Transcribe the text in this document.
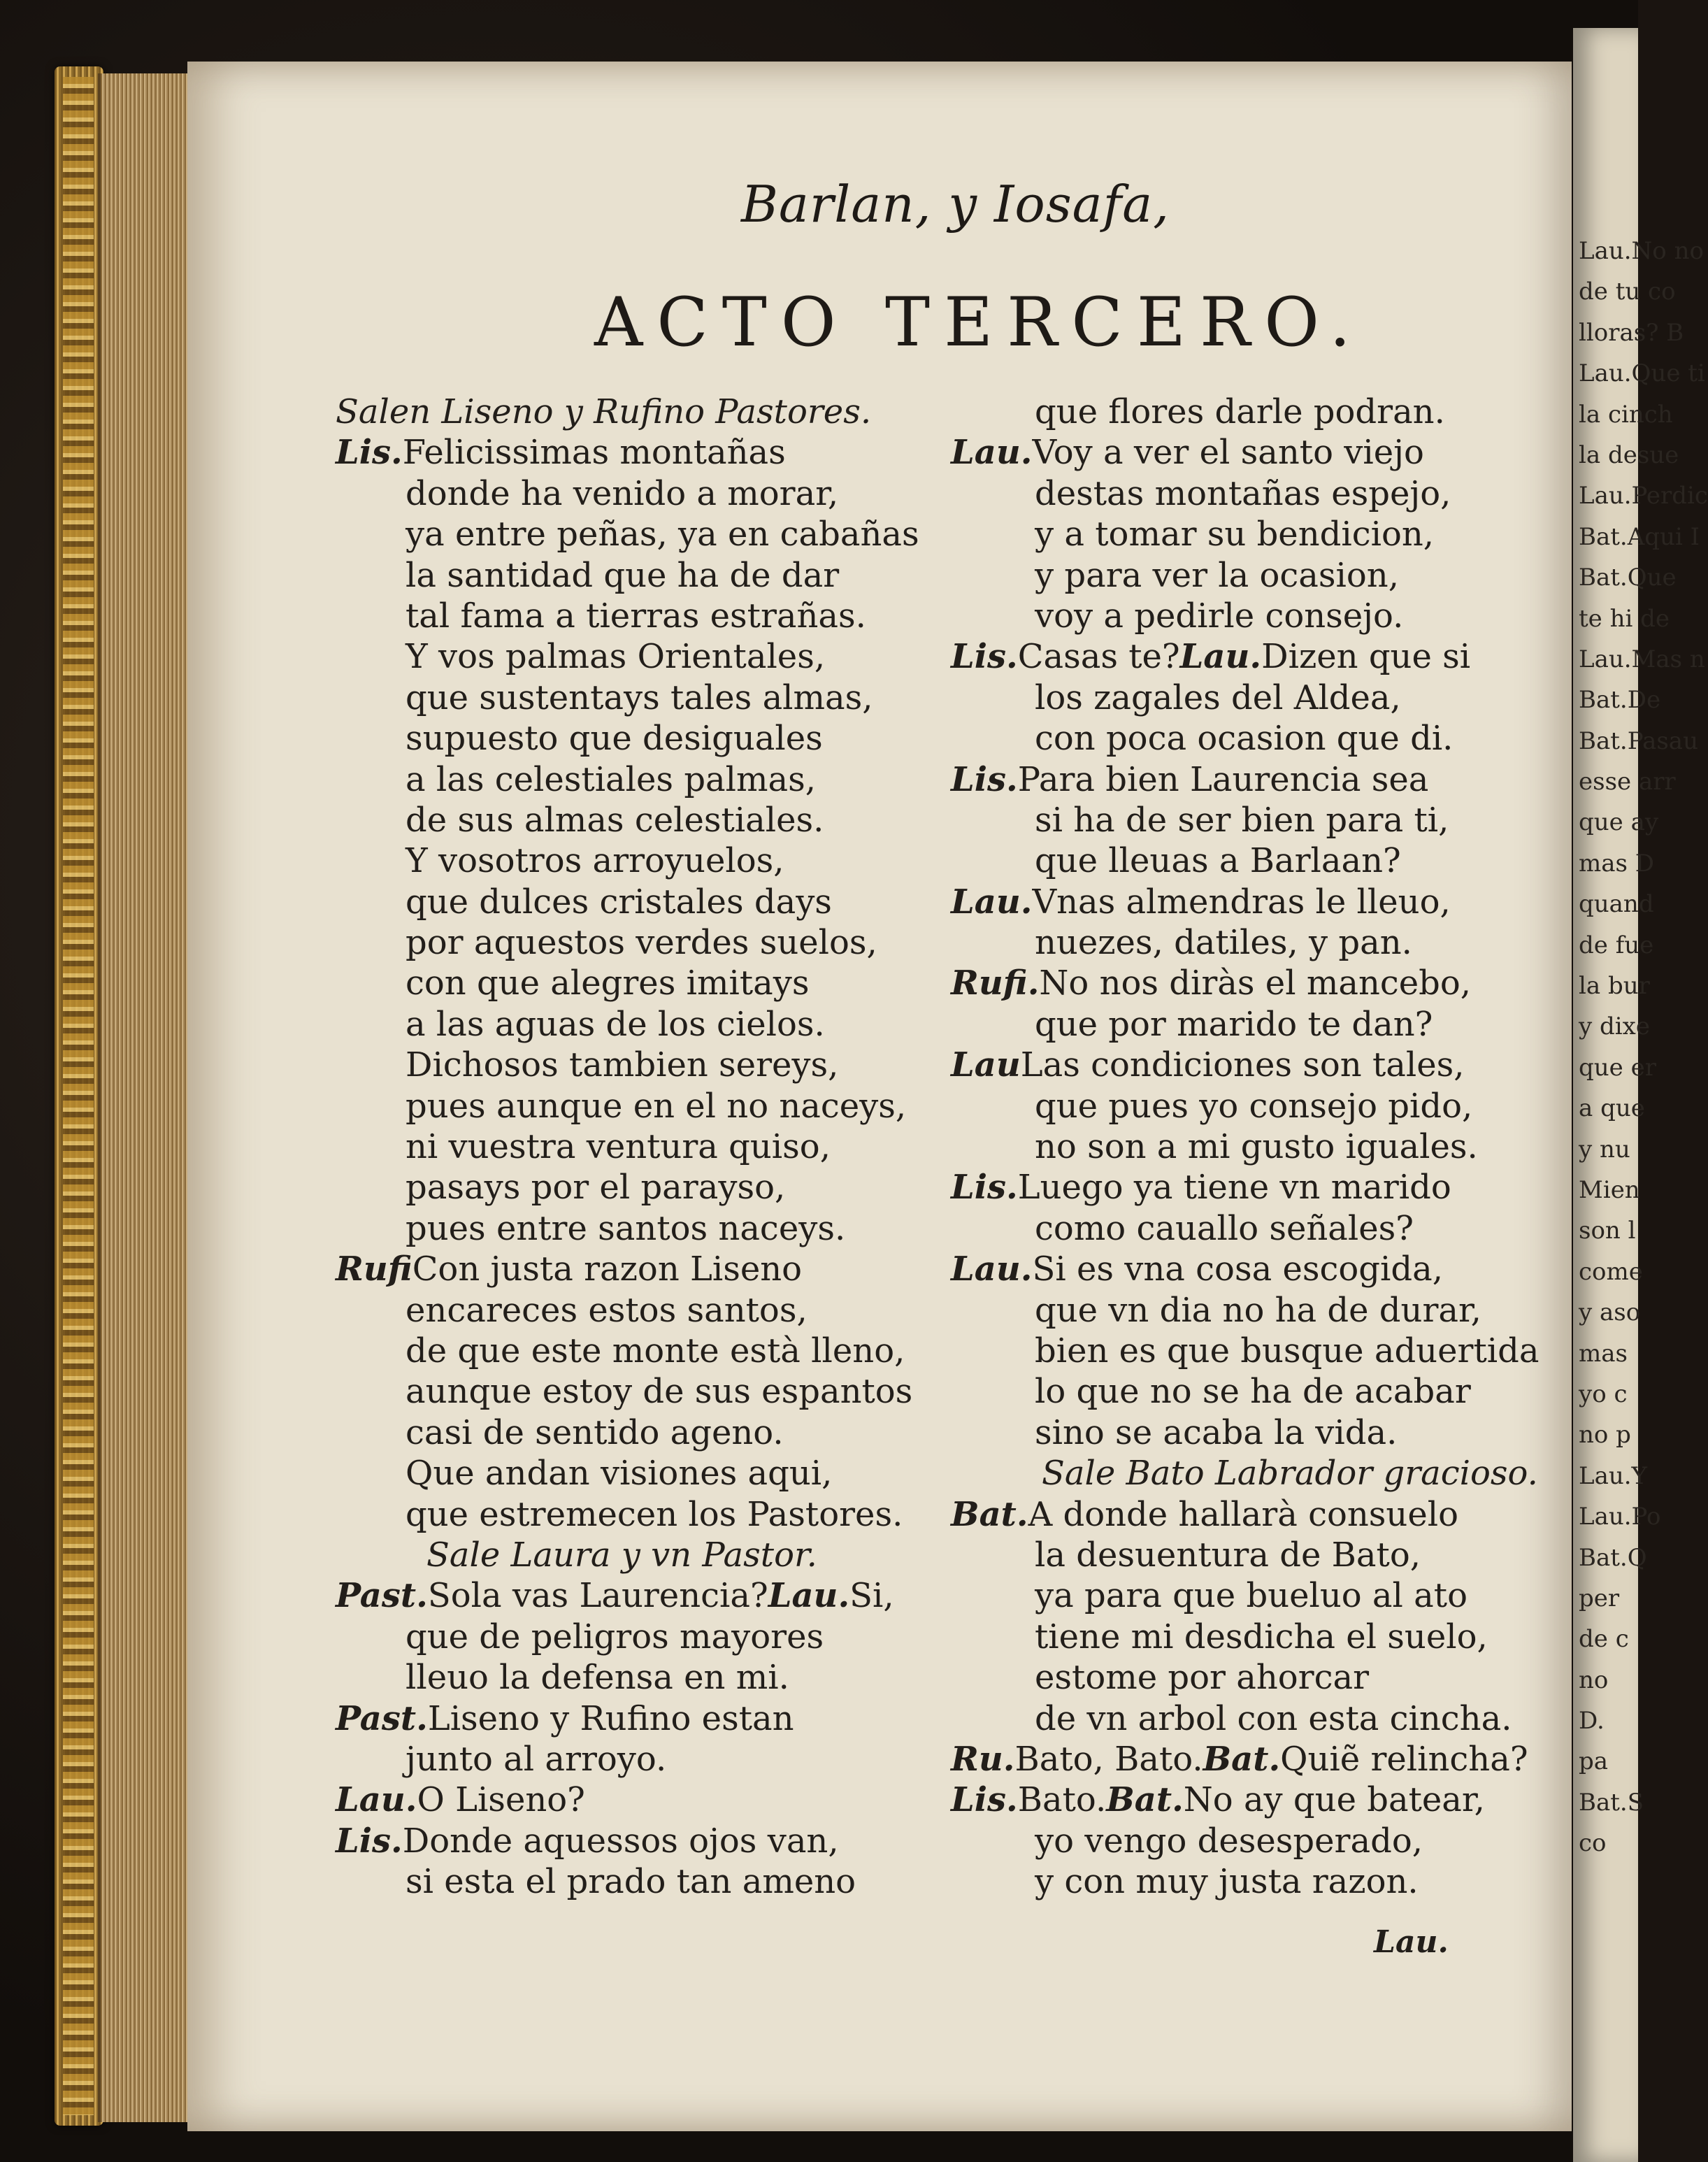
Barlan, y Iosafa,
ACTO TERCERO.
Salen Liseno y Rufino Pastores.
Lis.Felicissimas montañas
donde ha venido a morar,
ya entre peñas, ya en cabañas
la santidad que ha de dar
tal fama a tierras estrañas.
Y vos palmas Orientales,
que sustentays tales almas,
supuesto que desiguales
a las celestiales palmas,
de sus almas celestiales.
Y vosotros arroyuelos,
que dulces cristales days
por aquestos verdes suelos,
con que alegres imitays
a las aguas de los cielos.
Dichosos tambien sereys,
pues aunque en el no naceys,
ni vuestra ventura quiso,
pasays por el parayso,
pues entre santos naceys.
RufiCon justa razon Liseno
encareces estos santos,
de que este monte està lleno,
aunque estoy de sus espantos
casi de sentido ageno.
Que andan visiones aqui,
que estremecen los Pastores.
Sale Laura y vn Pastor.
Past.Sola vas Laurencia?Lau.Si,
que de peligros mayores
lleuo la defensa en mi.
Past.Liseno y Rufino estan
junto al arroyo.
Lau.O Liseno?
Lis.Donde aquessos ojos van,
si esta el prado tan ameno
que flores darle podran.
Lau.Voy a ver el santo viejo
destas montañas espejo,
y a tomar su bendicion,
y para ver la ocasion,
voy a pedirle consejo.
Lis.Casas te?Lau.Dizen que si
los zagales del Aldea,
con poca ocasion que di.
Lis.Para bien Laurencia sea
si ha de ser bien para ti,
que lleuas a Barlaan?
Lau.Vnas almendras le lleuo,
nuezes, datiles, y pan.
Rufi.No nos diràs el mancebo,
que por marido te dan?
LauLas condiciones son tales,
que pues yo consejo pido,
no son a mi gusto iguales.
Lis.Luego ya tiene vn marido
como cauallo señales?
Lau.Si es vna cosa escogida,
que vn dia no ha de durar,
bien es que busque aduertida
lo que no se ha de acabar
sino se acaba la vida.
Sale Bato Labrador gracioso.
Bat.A donde hallarà consuelo
la desuentura de Bato,
ya para que bueluo al ato
tiene mi desdicha el suelo,
estome por ahorcar
de vn arbol con esta cincha.
Ru.Bato, Bato.Bat.Quiẽ relincha?
Lis.Bato.Bat.No ay que batear,
yo vengo desesperado,
y con muy justa razon.
Lau.
Lau.No no
de tu co
lloras? B
Lau.Que ti
la cinch
la desue
Lau.Perdic
Bat.Aqui I
Bat.Que
te hi de
Lau.Mas n
Bat.De
Bat.Pasau
esse arr
que ay
mas D
quand
de fue
la bur
y dixe
que er
a que
y nu
Mien
son l
come
y aso
mas
yo c
no p
Lau.Y
Lau.Po
Bat.Q
per
de c
no
D.
pa
Bat.S
co
